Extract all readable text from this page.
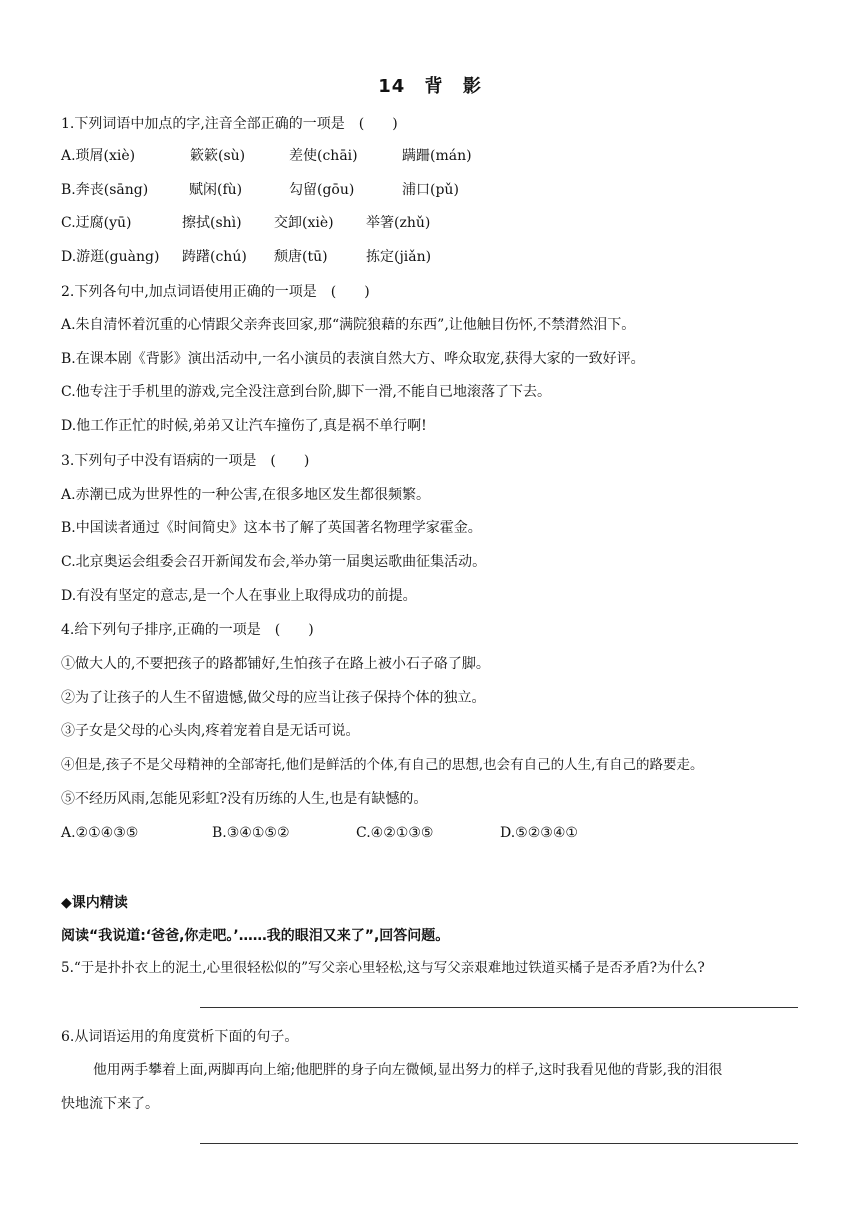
14 背 影
1.下列词语中加点的字,注音全部正确的一项是　(　　)
A.琐屑(xiè)	簌簌(sù)	差使(chāi)	蹒跚(mán)
B.奔丧(sāng)	赋闲(fù)	勾留(gōu)	浦口(pǔ)
C.迂腐(yū)	擦拭(shì) 交卸(xiè) 举箸(zhǔ)
D.游逛(guàng) 踌躇(chú) 颓唐(tū)	拣定(jiǎn)
2.下列各句中,加点词语使用正确的一项是　(　　)
A.朱自清怀着沉重的心情跟父亲奔丧回家,那“满院狼藉的东西”,让他触目伤怀,不禁潸然泪下。
B.在课本剧《背影》演出活动中,一名小演员的表演自然大方、哗众取宠,获得大家的一致好评。
C.他专注于手机里的游戏,完全没注意到台阶,脚下一滑,不能自已地滚落了下去。
D.他工作正忙的时候,弟弟又让汽车撞伤了,真是祸不单行啊!
3.下列句子中没有语病的一项是　(　　)
A.赤潮已成为世界性的一种公害,在很多地区发生都很频繁。
B.中国读者通过《时间简史》这本书了解了英国著名物理学家霍金。
C.北京奥运会组委会召开新闻发布会,举办第一届奥运歌曲征集活动。
D.有没有坚定的意志,是一个人在事业上取得成功的前提。
4.给下列句子排序,正确的一项是　(　　)
①做大人的,不要把孩子的路都铺好,生怕孩子在路上被小石子硌了脚。
②为了让孩子的人生不留遗憾,做父母的应当让孩子保持个体的独立。
③子女是父母的心头肉,疼着宠着自是无话可说。
④但是,孩子不是父母精神的全部寄托,他们是鲜活的个体,有自己的思想,也会有自己的人生,有自己的路要走。
⑤不经历风雨,怎能见彩虹?没有历练的人生,也是有缺憾的。
A.②①④③⑤	B.③④①⑤②	C.④②①③⑤	D.⑤②③④①
◆课内精读
阅读“我说道:‘爸爸,你走吧。’……我的眼泪又来了”,回答问题。
5.“于是扑扑衣上的泥土,心里很轻松似的”写父亲心里轻松,这与写父亲艰难地过铁道买橘子是否矛盾?为什么?
6.从词语运用的角度赏析下面的句子。
他用两手攀着上面,两脚再向上缩;他肥胖的身子向左微倾,显出努力的样子,这时我看见他的背影,我的泪很
快地流下来了。
